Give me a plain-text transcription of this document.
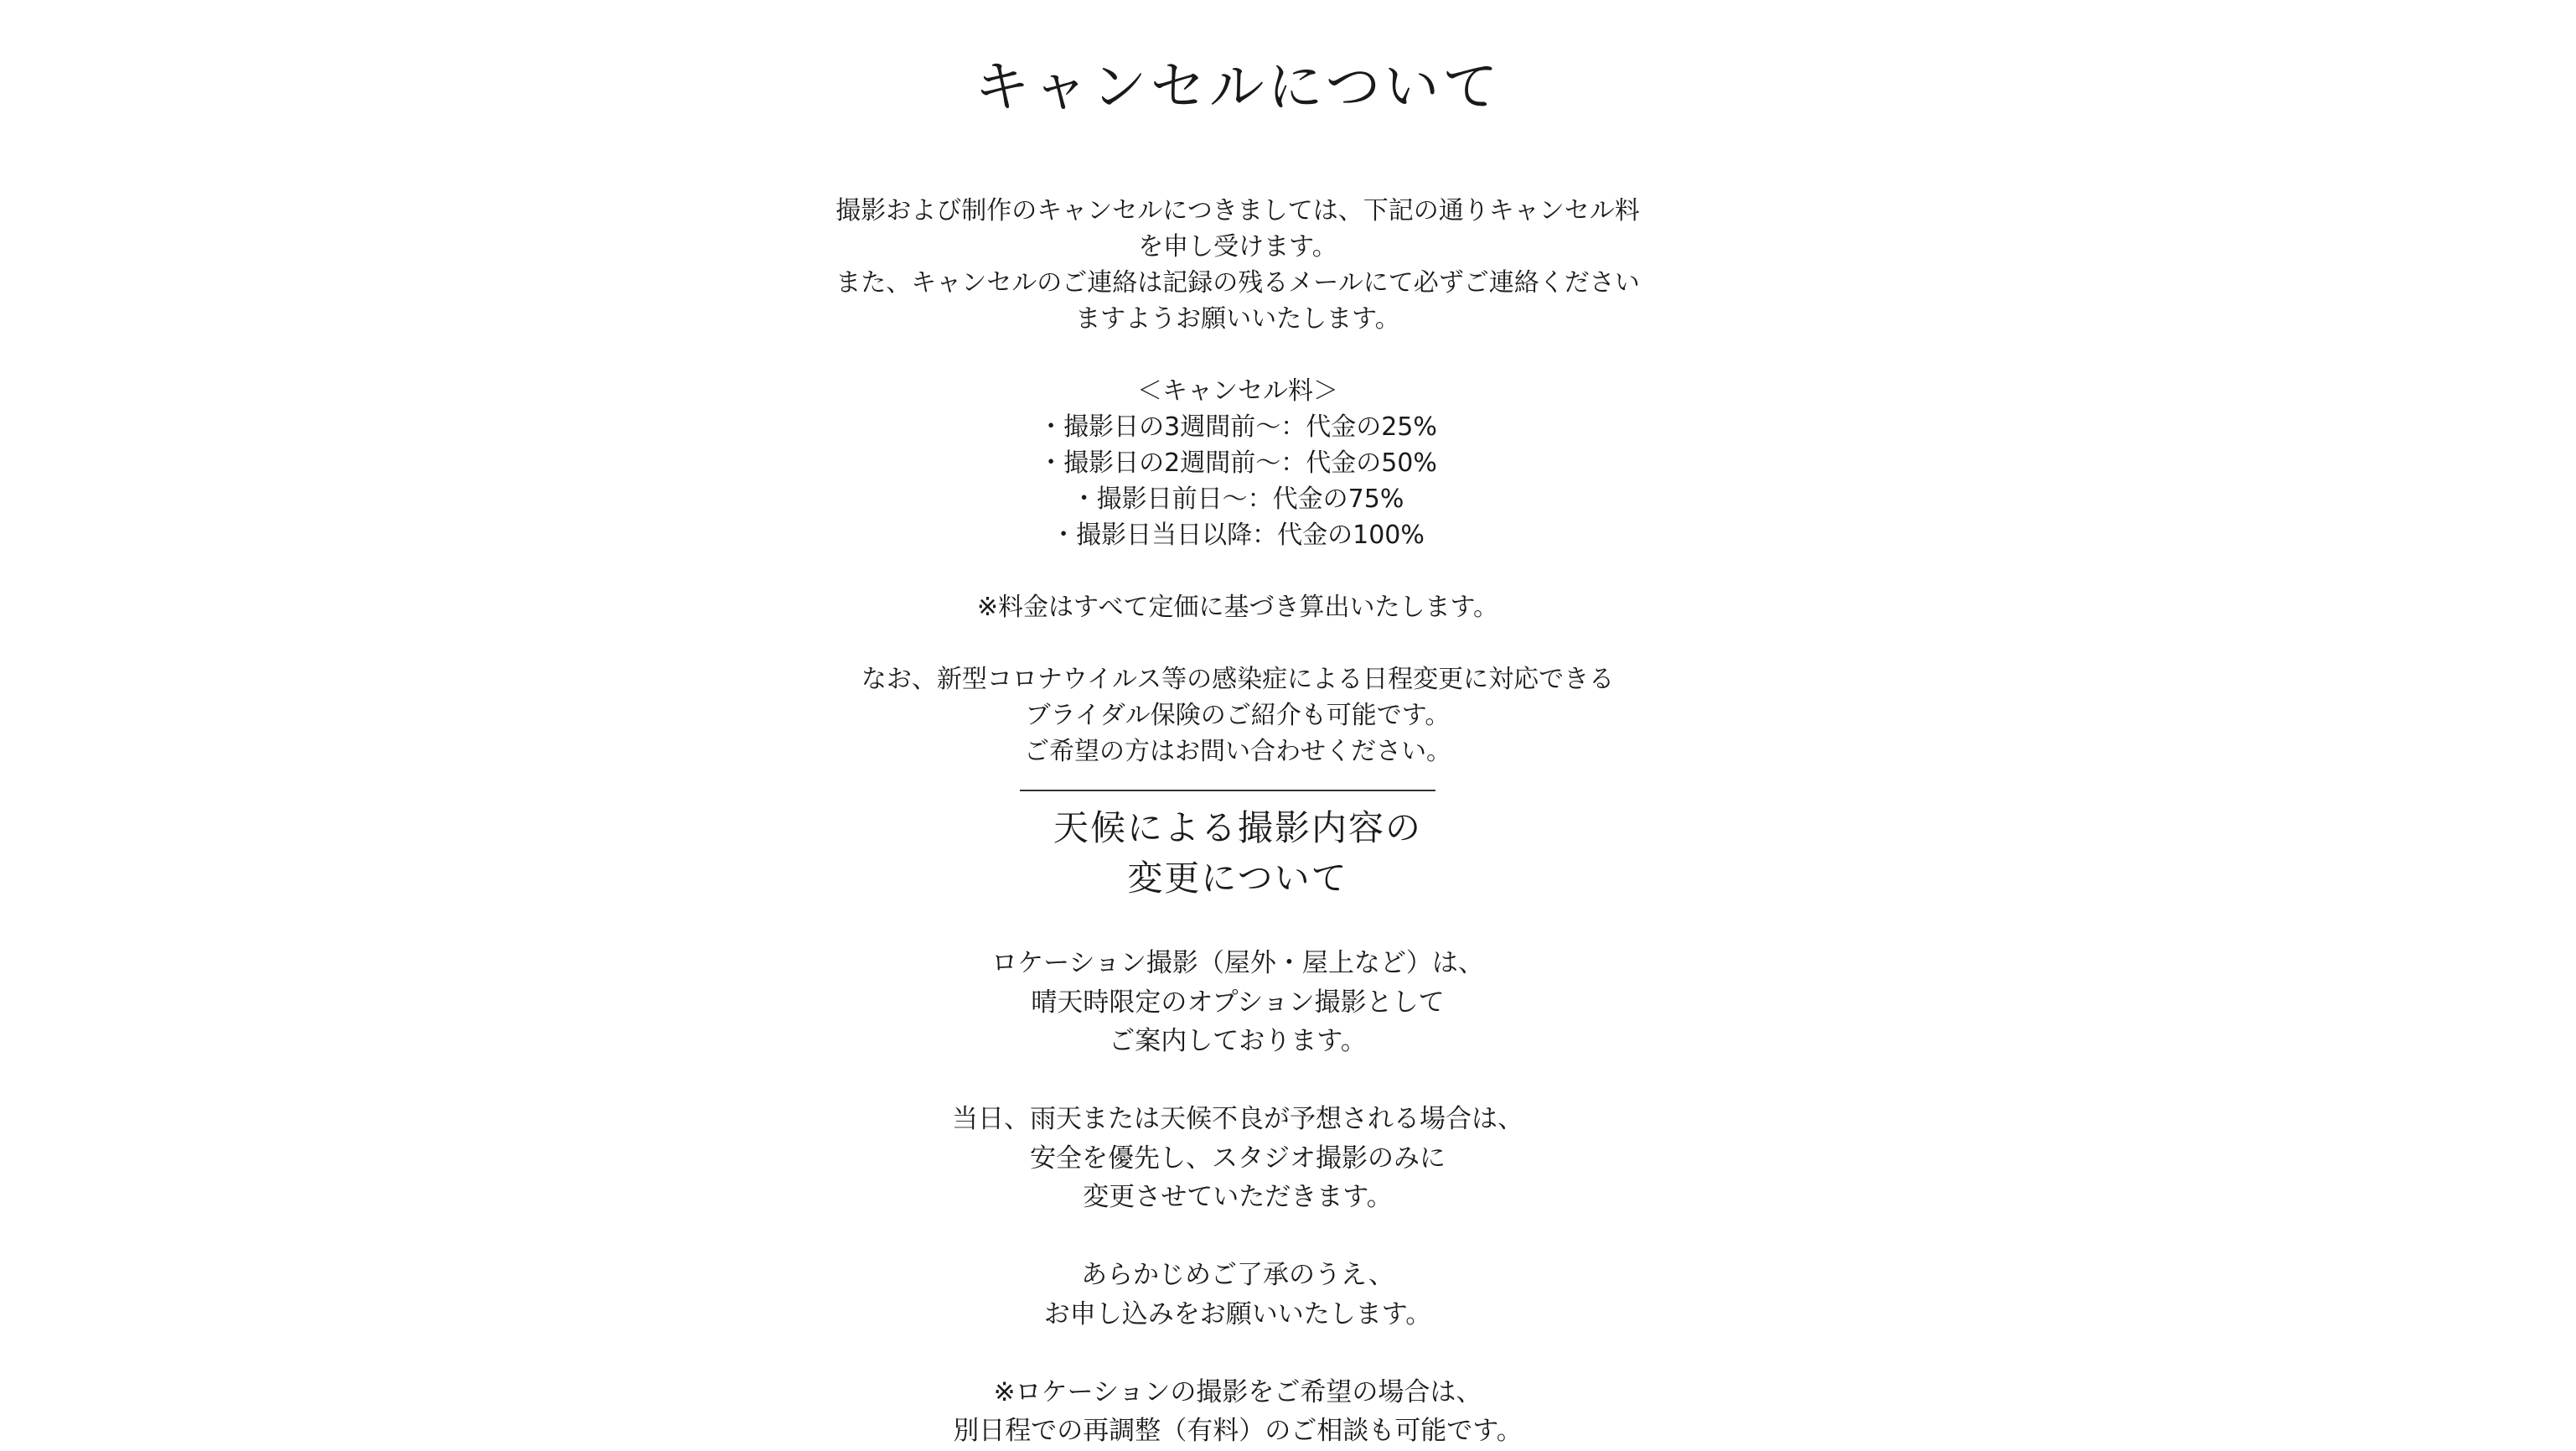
キャンセルについて

撮影および制作のキャンセルにつきましては、下記の通りキャンセル料

を申し受けます。

また、キャンセルのご連絡は記録の残るメールにて必ずご連絡ください

ますようお願いいたします。

＜キャンセル料＞

・撮影日の3週間前〜：代金の25%

・撮影日の2週間前〜：代金の50%

・撮影日前日〜：代金の75%

・撮影日当日以降：代金の100%

※料金はすべて定価に基づき算出いたします。

なお、新型コロナウイルス等の感染症による日程変更に対応できる

ブライダル保険のご紹介も可能です。

ご希望の方はお問い合わせください。

天候による撮影内容の
変更について

ロケーション撮影（屋外・屋上など）は、

晴天時限定のオプション撮影として

ご案内しております。

当日、雨天または天候不良が予想される場合は、

安全を優先し、スタジオ撮影のみに

変更させていただきます。

あらかじめご了承のうえ、

お申し込みをお願いいたします。

※ロケーションの撮影をご希望の場合は、

別日程での再調整（有料）のご相談も可能です。
